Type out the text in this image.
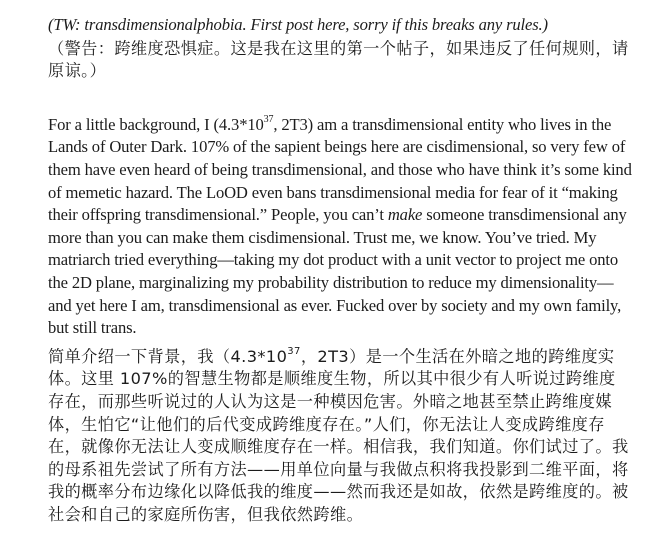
(TW: transdimensionalphobia. First post here, sorry if this breaks any rules.)

（警告：跨维度恐惧症。这是我在这里的第一个帖子，如果违反了任何规则，请原谅。）

For a little background, I ($4.3*10^{37}$, 2T3) am a transdimensional entity who lives in the Lands of Outer Dark. 107% of the sapient beings here are cisdimensional, so very few of them have even heard of being transdimensional, and those who have think it’s some kind of memetic hazard. The LoOD even bans transdimensional media for fear of it “making their offspring transdimensional.” People, you can’t make someone transdimensional any more than you can make them cisdimensional. Trust me, we know. You’ve tried. My matriarch tried everything—taking my dot product with a unit vector to project me onto the 2D plane, marginalizing my probability distribution to reduce my dimensionality—and yet here I am, transdimensional as ever. Fucked over by society and my own family, but still trans.

简单介绍一下背景，我（$4.3*10^{37}$，2T3）是一个生活在外暗之地的跨维度实体。这里 107%的智慧生物都是顺维度生物，所以其中很少有人听说过跨维度存在，而那些听说过的人认为这是一种模因危害。外暗之地甚至禁止跨维度媒体，生怕它“让他们的后代变成跨维度存在。”人们，你无法让人变成跨维度存在，就像你无法让人变成顺维度存在一样。相信我，我们知道。你们试过了。我的母系祖先尝试了所有方法——用单位向量与我做点积将我投影到二维平面，将我的概率分布边缘化以降低我的维度——然而我还是如故，依然是跨维度的。被社会和自己的家庭所伤害，但我依然跨维。
